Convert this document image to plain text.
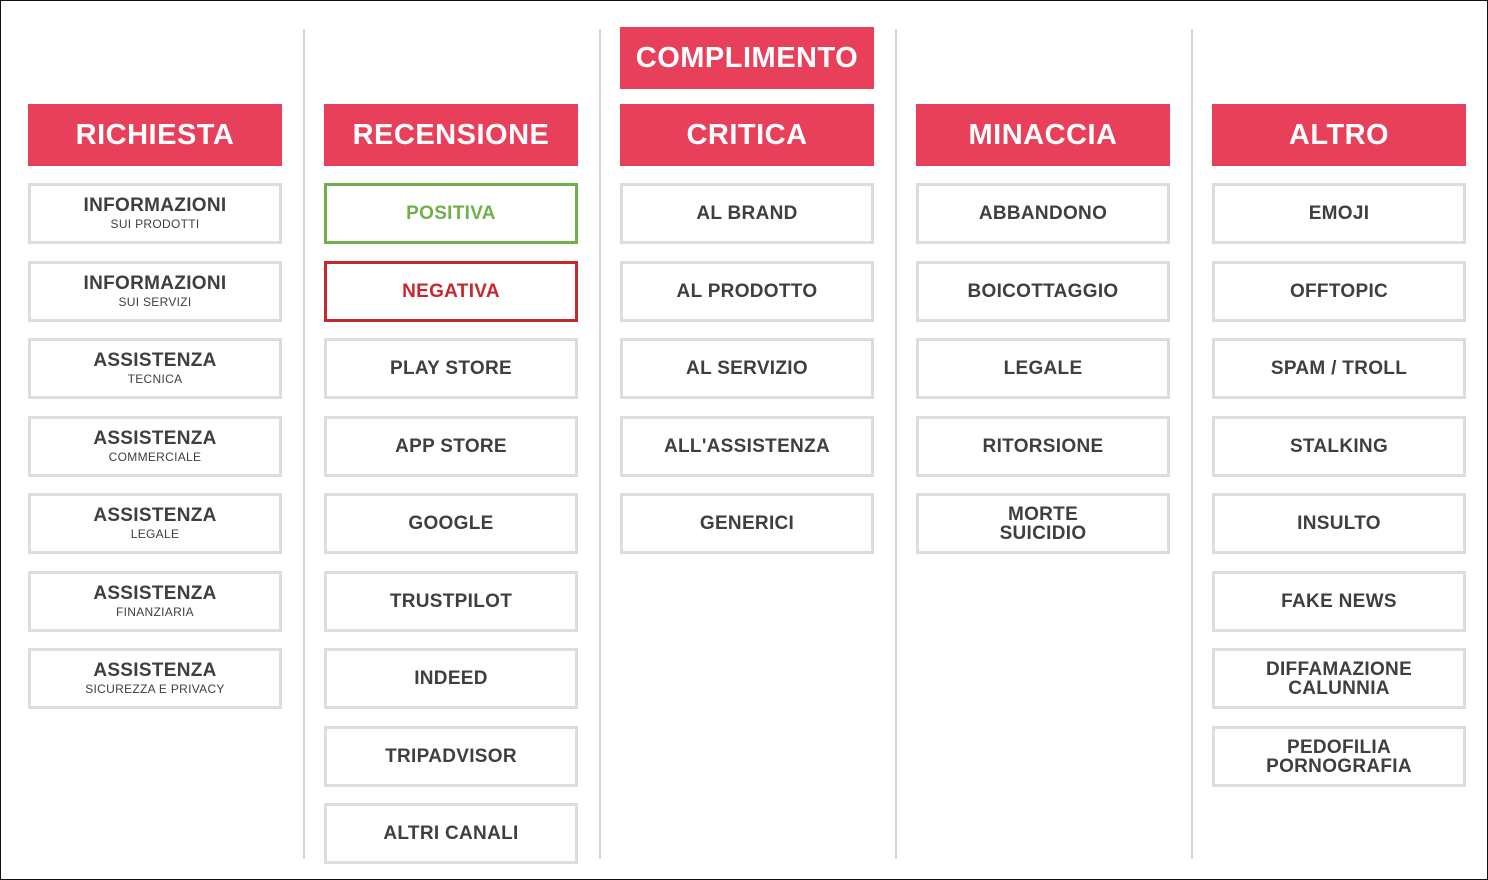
COMPLIMENTO
RICHIESTA
INFORMAZIONI
SUI PRODOTTI
INFORMAZIONI
SUI SERVIZI
ASSISTENZA
TECNICA
ASSISTENZA
COMMERCIALE
ASSISTENZA
LEGALE
ASSISTENZA
FINANZIARIA
ASSISTENZA
SICUREZZA E PRIVACY
RECENSIONE
POSITIVA
NEGATIVA
PLAY STORE
APP STORE
GOOGLE
TRUSTPILOT
INDEED
TRIPADVISOR
ALTRI CANALI
CRITICA
AL BRAND
AL PRODOTTO
AL SERVIZIO
ALL'ASSISTENZA
GENERICI
MINACCIA
ABBANDONO
BOICOTTAGGIO
LEGALE
RITORSIONE
MORTE
SUICIDIO
ALTRO
EMOJI
OFFTOPIC
SPAM / TROLL
STALKING
INSULTO
FAKE NEWS
DIFFAMAZIONE
CALUNNIA
PEDOFILIA
PORNOGRAFIA
